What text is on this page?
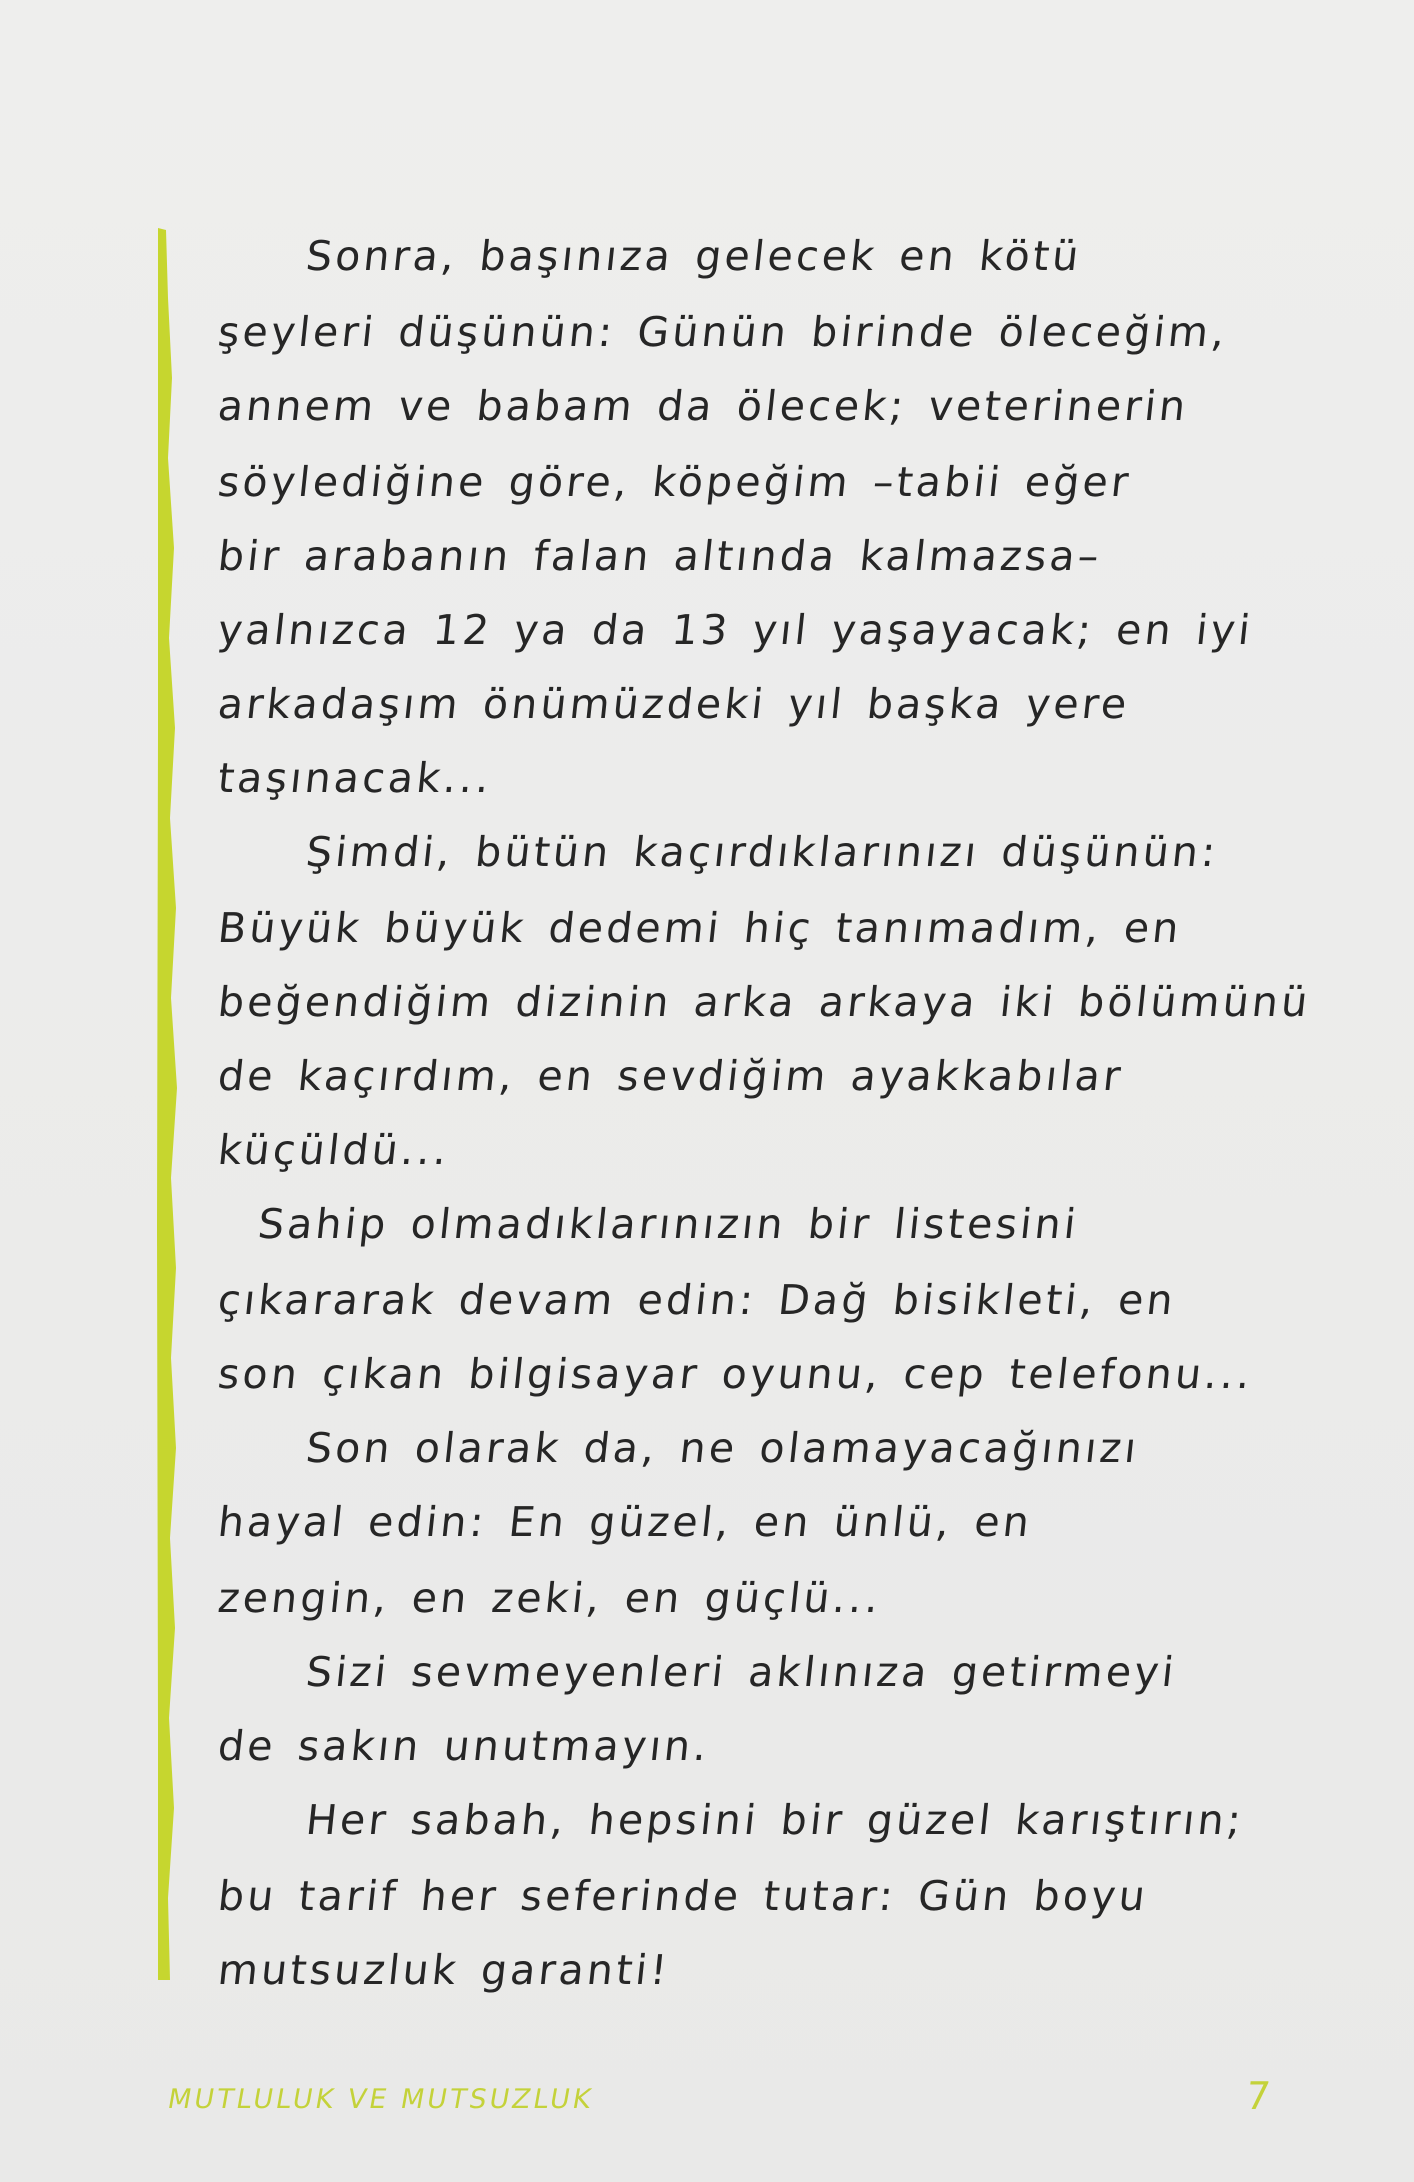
Sonra, başınıza gelecek en kötü
şeyleri düşünün: Günün birinde öleceğim,
annem ve babam da ölecek; veterinerin
söylediğine göre, köpeğim –tabii eğer
bir arabanın falan altında kalmazsa–
yalnızca 12 ya da 13 yıl yaşayacak; en iyi
arkadaşım önümüzdeki yıl başka yere
taşınacak...
Şimdi, bütün kaçırdıklarınızı düşünün:
Büyük büyük dedemi hiç tanımadım, en
beğendiğim dizinin arka arkaya iki bölümünü
de kaçırdım, en sevdiğim ayakkabılar
küçüldü...
Sahip olmadıklarınızın bir listesini
çıkararak devam edin: Dağ bisikleti, en
son çıkan bilgisayar oyunu, cep telefonu...
Son olarak da, ne olamayacağınızı
hayal edin: En güzel, en ünlü, en
zengin, en zeki, en güçlü...
Sizi sevmeyenleri aklınıza getirmeyi
de sakın unutmayın.
Her sabah, hepsini bir güzel karıştırın;
bu tarif her seferinde tutar: Gün boyu
mutsuzluk garanti!
MUTLULUK VE MUTSUZLUK	7
